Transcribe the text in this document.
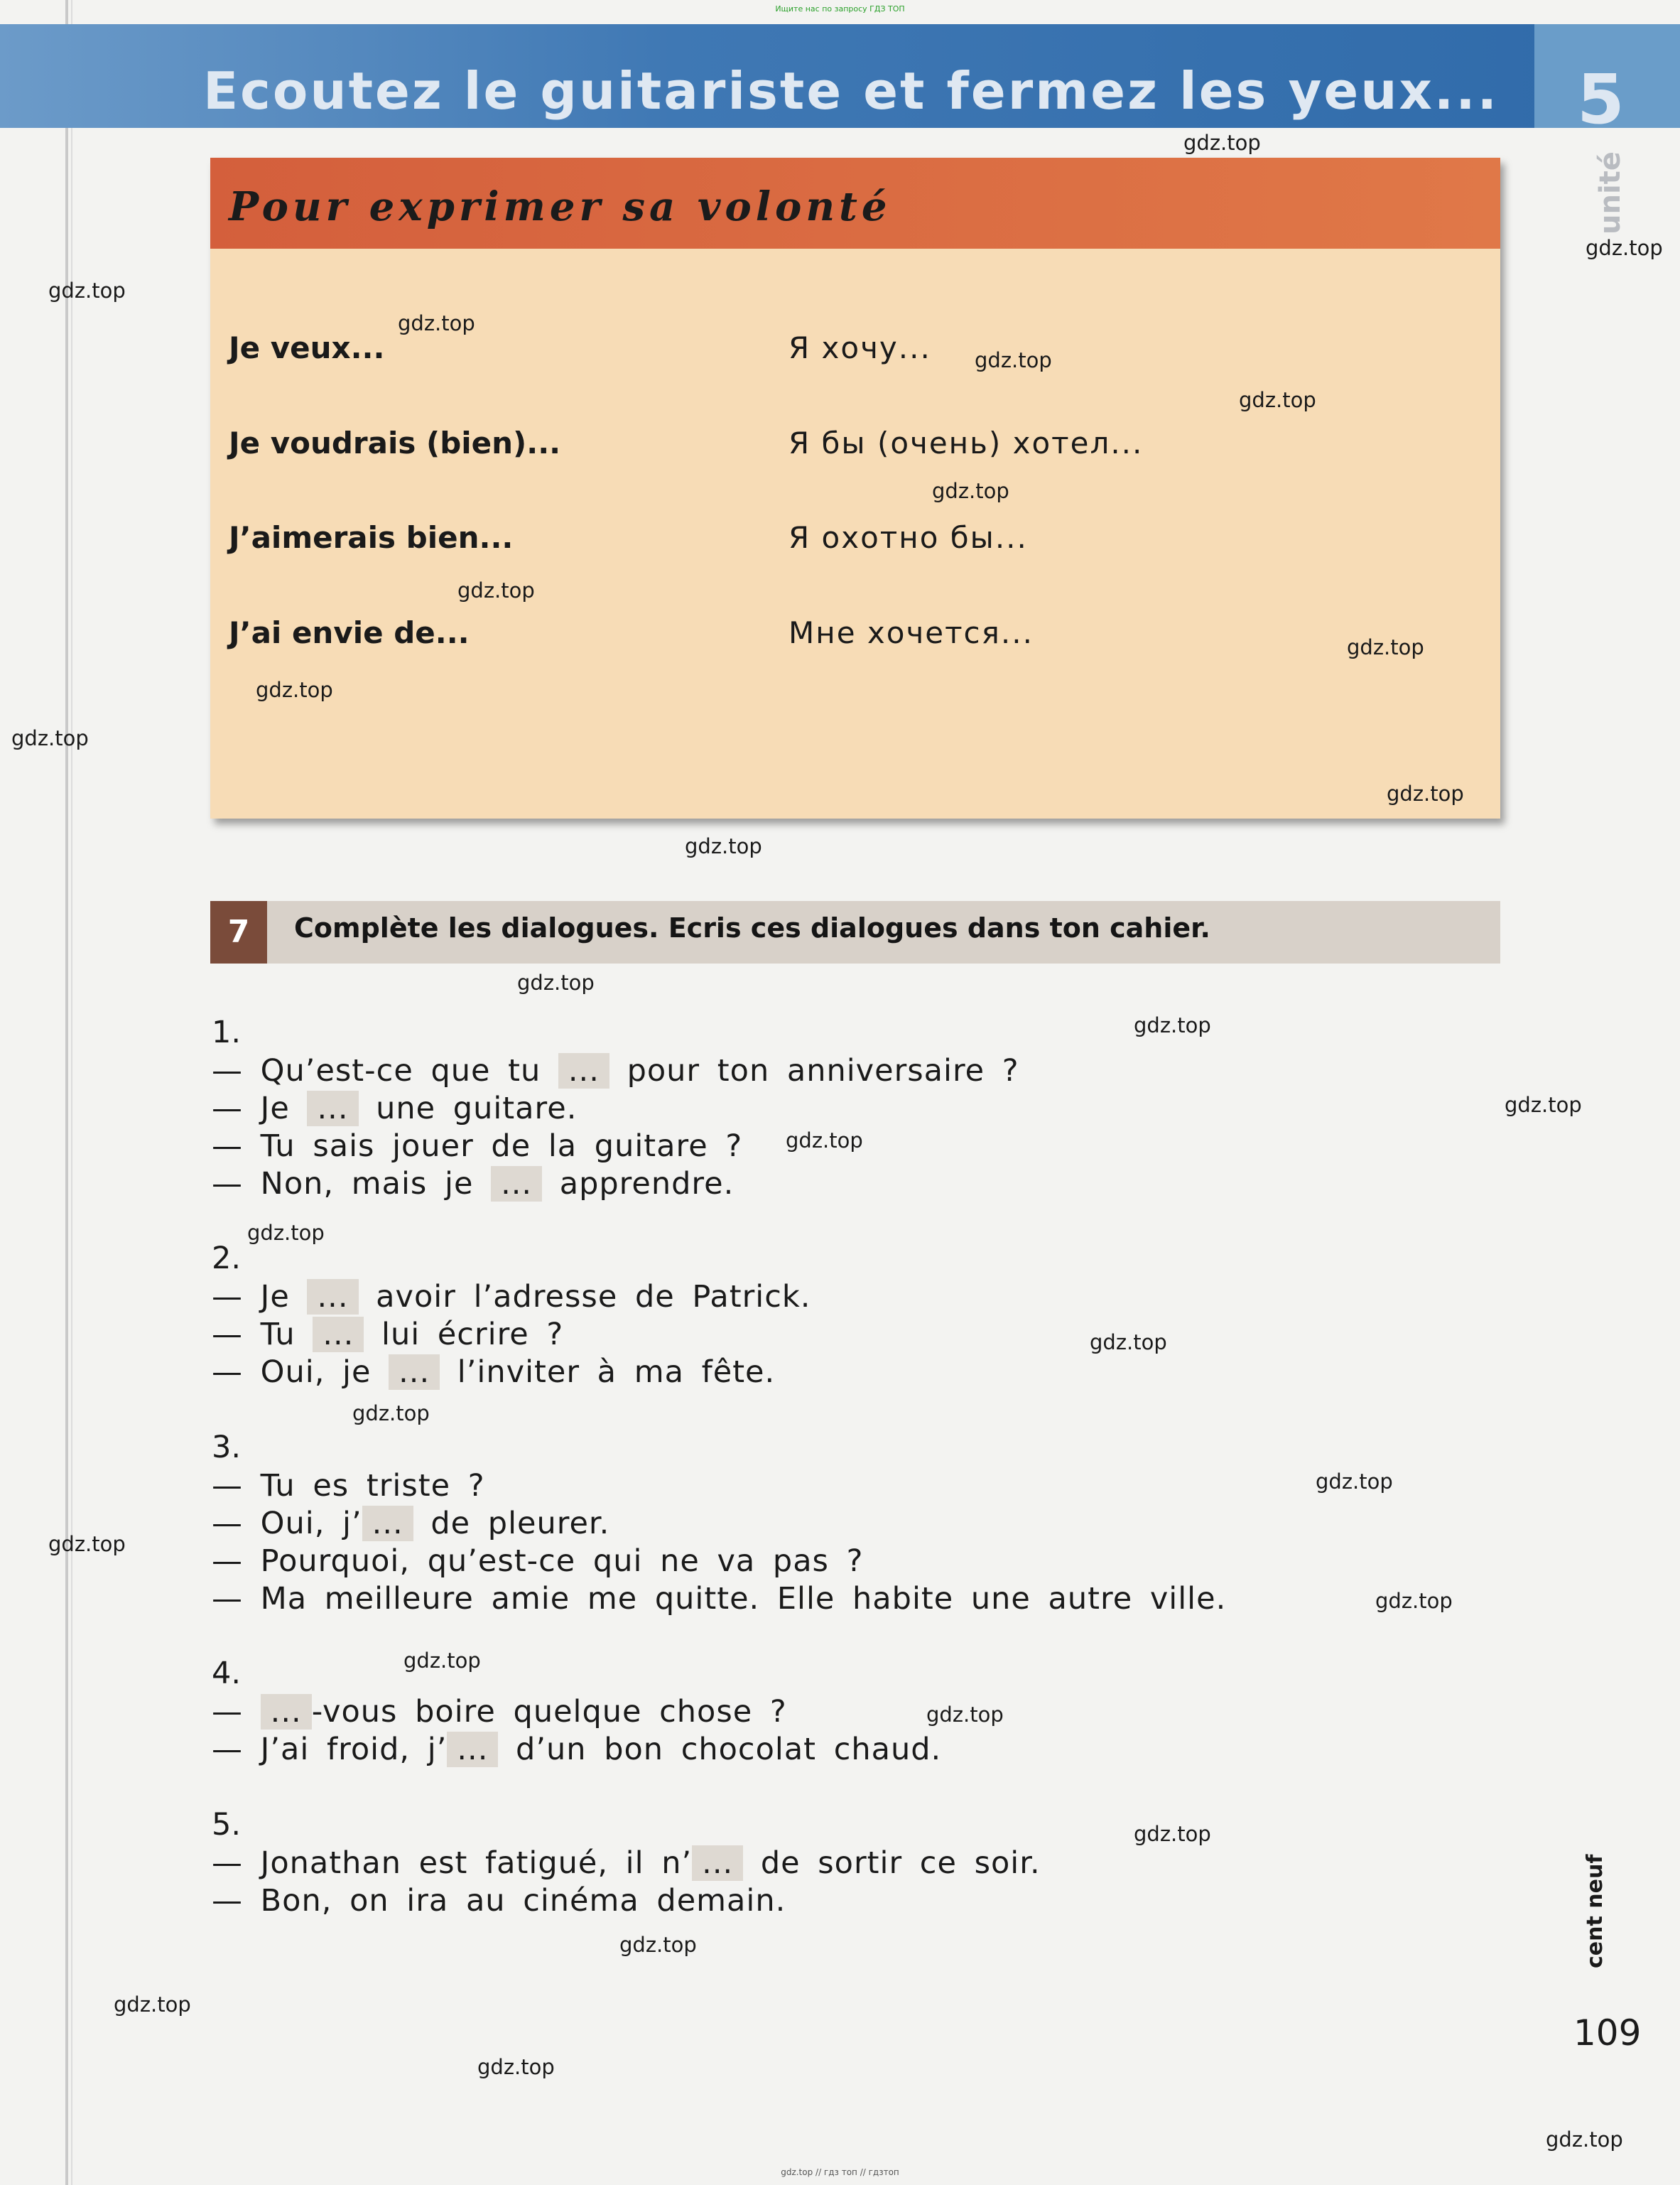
Ищите нас по запросу ГДЗ ТОП
Ecoutez le guitariste et fermez les yeux... 5
unité
Pour exprimer sa volonté
Je veux...	Я хочу...
Je voudrais (bien)...	Я бы (очень) хотел...
J’aimerais bien...	Я охотно бы...
J’ai envie de...	Мне хочется...
7	Complète les dialogues. Ecris ces dialogues dans ton cahier.
1.
— Qu’est-ce que tu ... pour ton anniversaire ?
— Je ... une guitare.
— Tu sais jouer de la guitare ?
— Non, mais je ... apprendre.
2.
— Je ... avoir l’adresse de Patrick.
— Tu ... lui écrire ?
— Oui, je ... l’inviter à ma fête.
3.
— Tu es triste ?
— Oui, j’ ... de pleurer.
— Pourquoi, qu’est-ce qui ne va pas ?
— Ma meilleure amie me quitte. Elle habite une autre ville.
4.
— ... -vous boire quelque chose ?
— J’ai froid, j’ ... d’un bon chocolat chaud.
5.
— Jonathan est fatigué, il n’ ... de sortir ce soir.
— Bon, on ira au cinéma demain.	cent neuf
109
gdz.top
gdz.top
gdz.top
gdz.top
gdz.top
gdz.top
gdz.top
gdz.top
gdz.top
gdz.top
gdz.top
gdz.top
gdz.top
gdz.top
gdz.top
gdz.top
gdz.top
gdz.top
gdz.top
gdz.top
gdz.top
gdz.top
gdz.top
gdz.top
gdz.top
gdz.top
gdz.top
gdz.top
gdz.top
gdz.top
gdz.top // гдз топ // гдзтоп
